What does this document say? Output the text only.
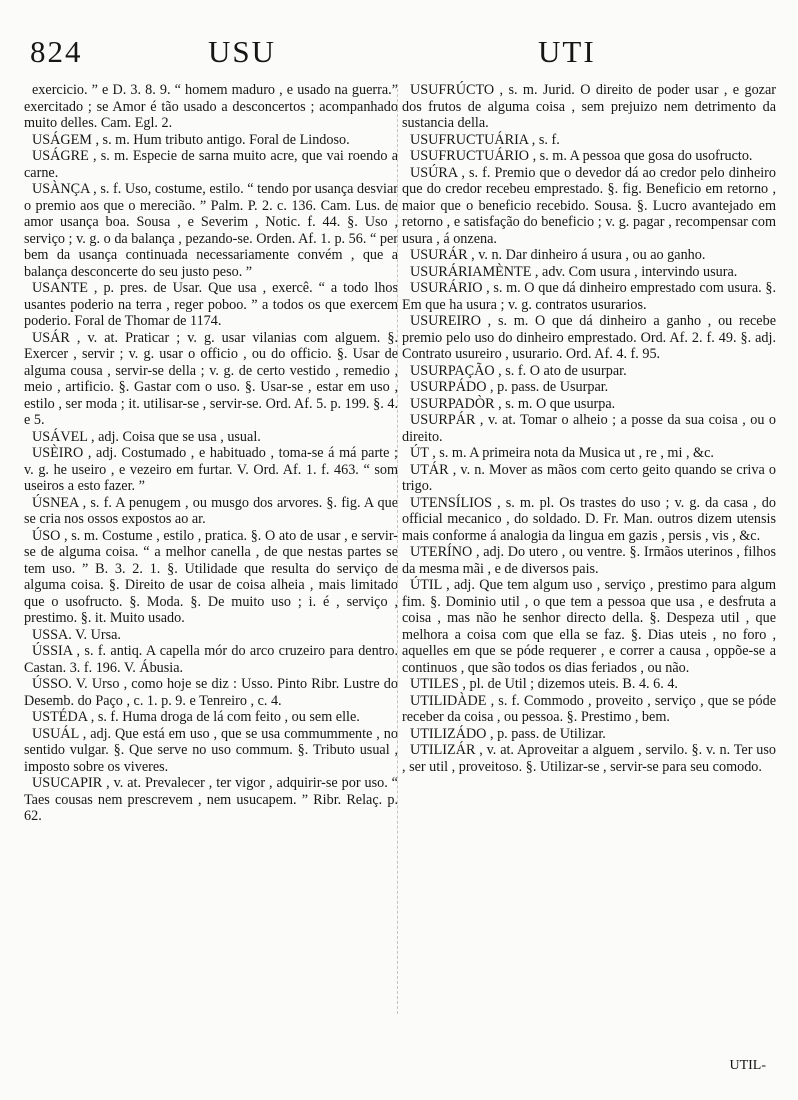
824	USU	UTI

exercicio. ” e D. 3. 8. 9. “ homem maduro , e usado na guerra.” exercitado ; se Amor é tão usado a desconcertos ; acompanhado muito delles. Cam. Egl. 2.

USÁGEM , s. m. Hum tributo antigo. Foral de Lindoso.

USÁGRE , s. m. Especie de sarna muito acre, que vai roendo a carne.

USÀNÇA , s. f. Uso, costume, estilo. “ tendo por usança desviar o premio aos que o merecião. ” Palm. P. 2. c. 136. Cam. Lus. de amor usança boa. Sousa , e Severim , Notic. f. 44. §. Uso , serviço ; v. g. o da balança , pezando-se. Orden. Af. 1. p. 56. “ per bem da usança continuada necessariamente convém , que a balança desconcerte do seu justo peso. ”

USANTE , p. pres. de Usar. Que usa , exercê. “ a todo lhos usantes poderio na terra , reger poboo. ” a todos os que exercem poderio. Foral de Thomar de 1174.

USÁR , v. at. Praticar ; v. g. usar vilanias com alguem. §. Exercer , servir ; v. g. usar o officio , ou do officio. §. Usar de alguma cousa , servir-se della ; v. g. de certo vestido , remedio , meio , artificio. §. Gastar com o uso. §. Usar-se , estar em uso , estilo , ser moda ; it. utilisar-se , servir-se. Ord. Af. 5. p. 199. §. 4. e 5.

USÁVEL , adj. Coisa que se usa , usual.

USÈIRO , adj. Costumado , e habituado , toma-se á má parte ; v. g. he useiro , e vezeiro em furtar. V. Ord. Af. 1. f. 463. “ som useiros a esto fazer. ”

ÚSNEA , s. f. A penugem , ou musgo dos arvores. §. fig. A que se cria nos ossos expostos ao ar.

ÚSO , s. m. Costume , estilo , pratica. §. O ato de usar , e servir-se de alguma coisa. “ a melhor canella , de que nestas partes se tem uso. ” B. 3. 2. 1. §. Utilidade que resulta do serviço de alguma coisa. §. Direito de usar de coisa alheia , mais limitado que o usofructo. §. Moda. §. De muito uso ; i. é , serviço , prestimo. §. it. Muito usado.

USSA. V. Ursa.

ÚSSIA , s. f. antiq. A capella mór do arco cruzeiro para dentro. Castan. 3. f. 196. V. Ábusia.

ÚSSO. V. Urso , como hoje se diz : Usso. Pinto Ribr. Lustre do Desemb. do Paço , c. 1. p. 9. e Tenreiro , c. 4.

USTÉDA , s. f. Huma droga de lá com feito , ou sem elle.

USUÁL , adj. Que está em uso , que se usa commummente , no sentido vulgar. §. Que serve no uso commum. §. Tributo usual , imposto sobre os viveres.

USUCAPIR , v. at. Prevalecer , ter vigor , adquirir-se por uso. “ Taes cousas nem prescrevem , nem usucapem. ” Ribr. Relaç. p. 62.

USUFRÚCTO , s. m. Jurid. O direito de poder usar , e gozar dos frutos de alguma coisa , sem prejuizo nem detrimento da sustancia della.

USUFRUCTUÁRIA , s. f.

USUFRUCTUÁRIO , s. m. A pessoa que gosa do usofructo.

USÚRA , s. f. Premio que o devedor dá ao credor pelo dinheiro que do credor recebeu emprestado. §. fig. Beneficio em retorno , maior que o beneficio recebido. Sousa. §. Lucro avantejado em retorno , e satisfação do beneficio ; v. g. pagar , recompensar com usura , á onzena.

USURÁR , v. n. Dar dinheiro á usura , ou ao ganho.

USURÁRIAMÈNTE , adv. Com usura , intervindo usura.

USURÁRIO , s. m. O que dá dinheiro emprestado com usura. §. Em que ha usura ; v. g. contratos usurarios.

USUREIRO , s. m. O que dá dinheiro a ganho , ou recebe premio pelo uso do dinheiro emprestado. Ord. Af. 2. f. 49. §. adj. Contrato usureiro , usurario. Ord. Af. 4. f. 95.

USURPAÇÃO , s. f. O ato de usurpar.

USURPÁDO , p. pass. de Usurpar.

USURPADÒR , s. m. O que usurpa.

USURPÁR , v. at. Tomar o alheio ; a posse da sua coisa , ou o direito.

ÚT , s. m. A primeira nota da Musica ut , re , mi , &c.

UTÁR , v. n. Mover as mãos com certo geito quando se criva o trigo.

UTENSÍLIOS , s. m. pl. Os trastes do uso ; v. g. da casa , do official mecanico , do soldado. D. Fr. Man. outros dizem utensis mais conforme á analogia da lingua em gazis , persis , vis , &c.

UTERÍNO , adj. Do utero , ou ventre. §. Irmãos uterinos , filhos da mesma mãi , e de diversos pais.

ÚTIL , adj. Que tem algum uso , serviço , prestimo para algum fim. §. Dominio util , o que tem a pessoa que usa , e desfruta a coisa , mas não he senhor directo della. §. Despeza util , que melhora a coisa com que ella se faz. §. Dias uteis , no foro , aquelles em que se póde requerer , e correr a causa , oppõe-se a continuos , que são todos os dias feriados , ou não.

UTILES , pl. de Util ; dizemos uteis. B. 4. 6. 4.

UTILIDÀDE , s. f. Commodo , proveito , serviço , que se póde receber da coisa , ou pessoa. §. Prestimo , bem.

UTILIZÁDO , p. pass. de Utilizar.

UTILIZÁR , v. at. Aproveitar a alguem , servilo. §. v. n. Ter uso , ser util , proveitoso. §. Utilizar-se , servir-se para seu comodo.

UTIL-
